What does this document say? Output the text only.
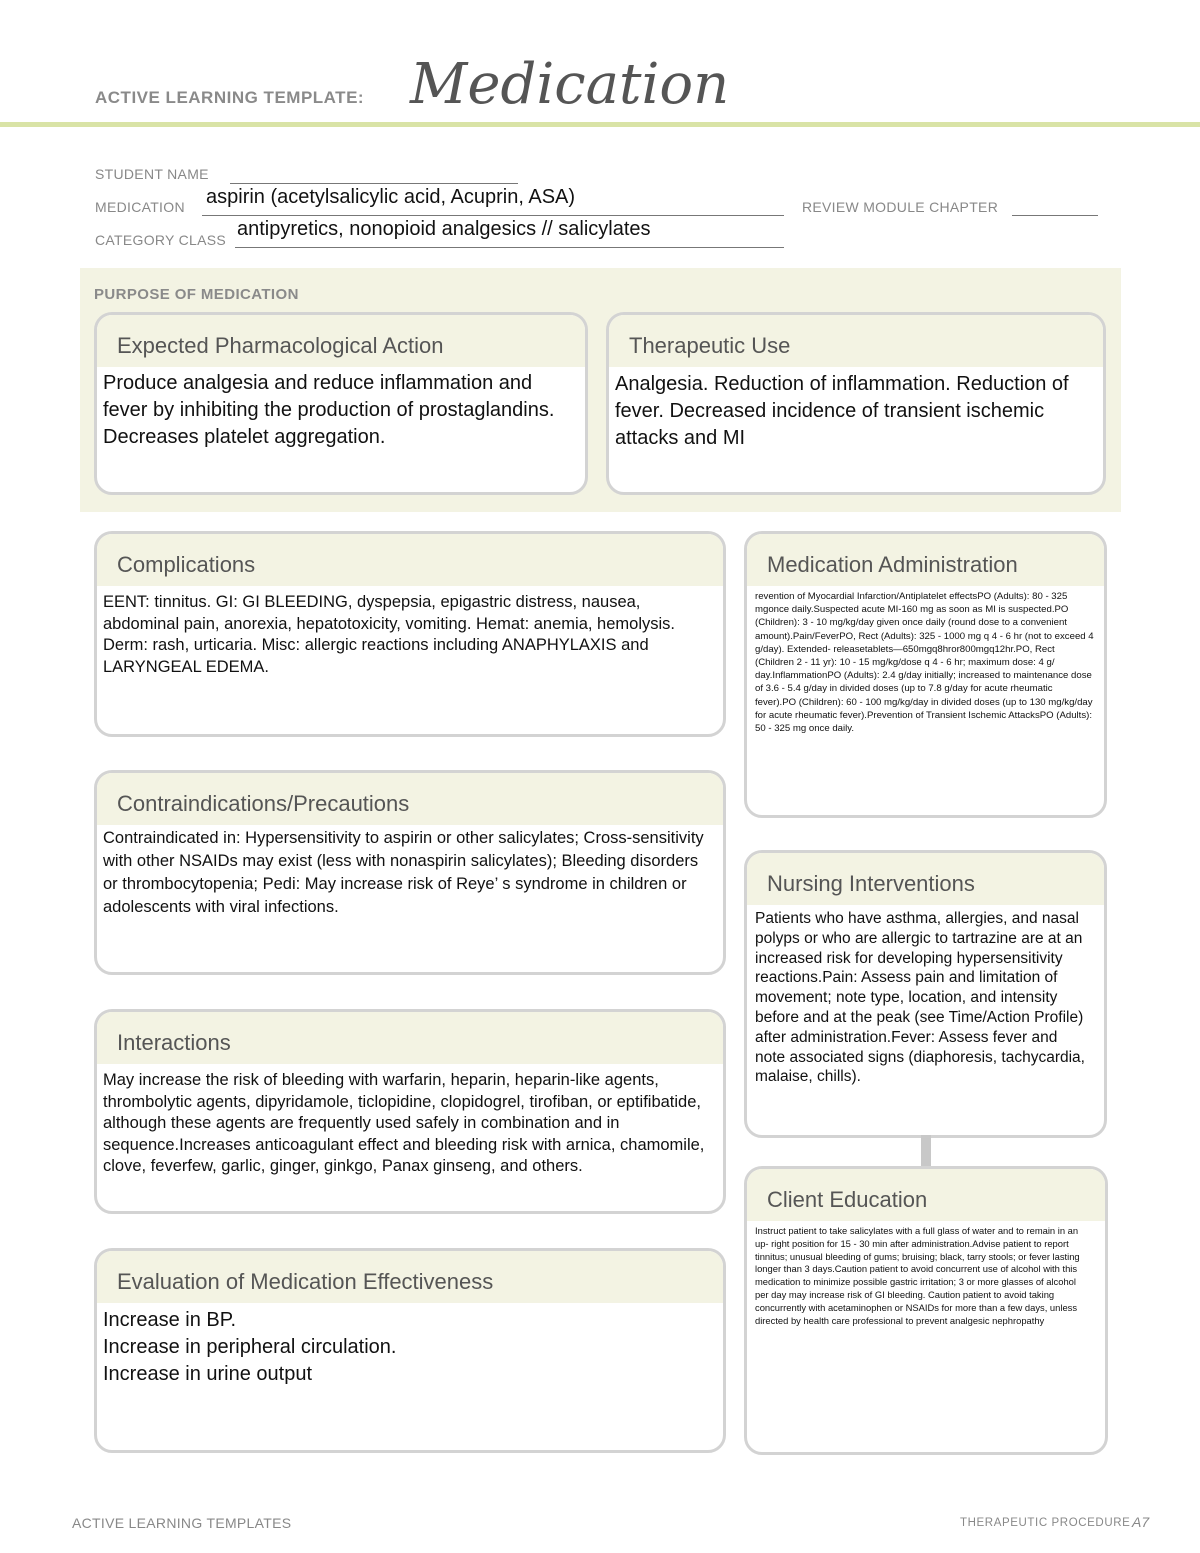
ACTIVE LEARNING TEMPLATE: Medication
STUDENT NAME
MEDICATION aspirin (acetylsalicylic acid, Acuprin, ASA)	REVIEW MODULE CHAPTER
CATEGORY CLASS antipyretics, nonopioid analgesics // salicylates
PURPOSE OF MEDICATION
Expected Pharmacological Action
Produce analgesia and reduce inflammation and fever by inhibiting the production of prostaglandins. Decreases platelet aggregation.
Therapeutic Use
Analgesia. Reduction of inflammation. Reduction of fever. Decreased incidence of transient ischemic attacks and MI
Complications
EENT: tinnitus. GI: GI BLEEDING, dyspepsia, epigastric distress, nausea, abdominal pain, anorexia, hepatotoxicity, vomiting. Hemat: anemia, hemolysis. Derm: rash, urticaria. Misc: allergic reactions including ANAPHYLAXIS and LARYNGEAL EDEMA.
Contraindications/Precautions
Contraindicated in: Hypersensitivity to aspirin or other salicylates; Cross-sensitivity with other NSAIDs may exist (less with nonaspirin salicylates); Bleeding disorders or thrombocytopenia; Pedi: May increase risk of Reye’ s syndrome in children or adolescents with viral infections.
Interactions
May increase the risk of bleeding with warfarin, heparin, heparin-like agents, thrombolytic agents, dipyridamole, ticlopidine, clopidogrel, tirofiban, or eptifibatide, although these agents are frequently used safely in combination and in sequence.Increases anticoagulant effect and bleeding risk with arnica, chamomile, clove, feverfew, garlic, ginger, ginkgo, Panax ginseng, and others.
Evaluation of Medication Effectiveness
Increase in BP.
Increase in peripheral circulation.
Increase in urine output
Medication Administration
revention of Myocardial Infarction/Antiplatelet effectsPO (Adults): 80 - 325 mgonce daily.Suspected acute MI-160 mg as soon as MI is suspected.PO (Children): 3 - 10 mg/kg/day given once daily (round dose to a convenient amount).Pain/FeverPO, Rect (Adults): 325 - 1000 mg q 4 - 6 hr (not to exceed 4 g/day). Extended- releasetablets—650mgq8hror800mgq12hr.PO, Rect (Children 2 - 11 yr): 10 - 15 mg/kg/dose q 4 - 6 hr; maximum dose: 4 g/ day.InflammationPO (Adults): 2.4 g/day initially; increased to maintenance dose of 3.6 - 5.4 g/day in divided doses (up to 7.8 g/day for acute rheumatic fever).PO (Children): 60 - 100 mg/kg/day in divided doses (up to 130 mg/kg/day for acute rheumatic fever).Prevention of Transient Ischemic AttacksPO (Adults): 50 - 325 mg once daily.
Nursing Interventions
Patients who have asthma, allergies, and nasal polyps or who are allergic to tartrazine are at an increased risk for developing hypersensitivity reactions.Pain: Assess pain and limitation of movement; note type, location, and intensity before and at the peak (see Time/Action Profile) after administration.Fever: Assess fever and note associated signs (diaphoresis, tachycardia, malaise, chills).
Client Education
Instruct patient to take salicylates with a full glass of water and to remain in an up- right position for 15 - 30 min after administration.Advise patient to report tinnitus; unusual bleeding of gums; bruising; black, tarry stools; or fever lasting longer than 3 days.Caution patient to avoid concurrent use of alcohol with this medication to minimize possible gastric irritation; 3 or more glasses of alcohol per day may increase risk of GI bleeding. Caution patient to avoid taking concurrently with acetaminophen or NSAIDs for more than a few days, unless directed by health care professional to prevent analgesic nephropathy
ACTIVE LEARNING TEMPLATES	THERAPEUTIC PROCEDURE A7
